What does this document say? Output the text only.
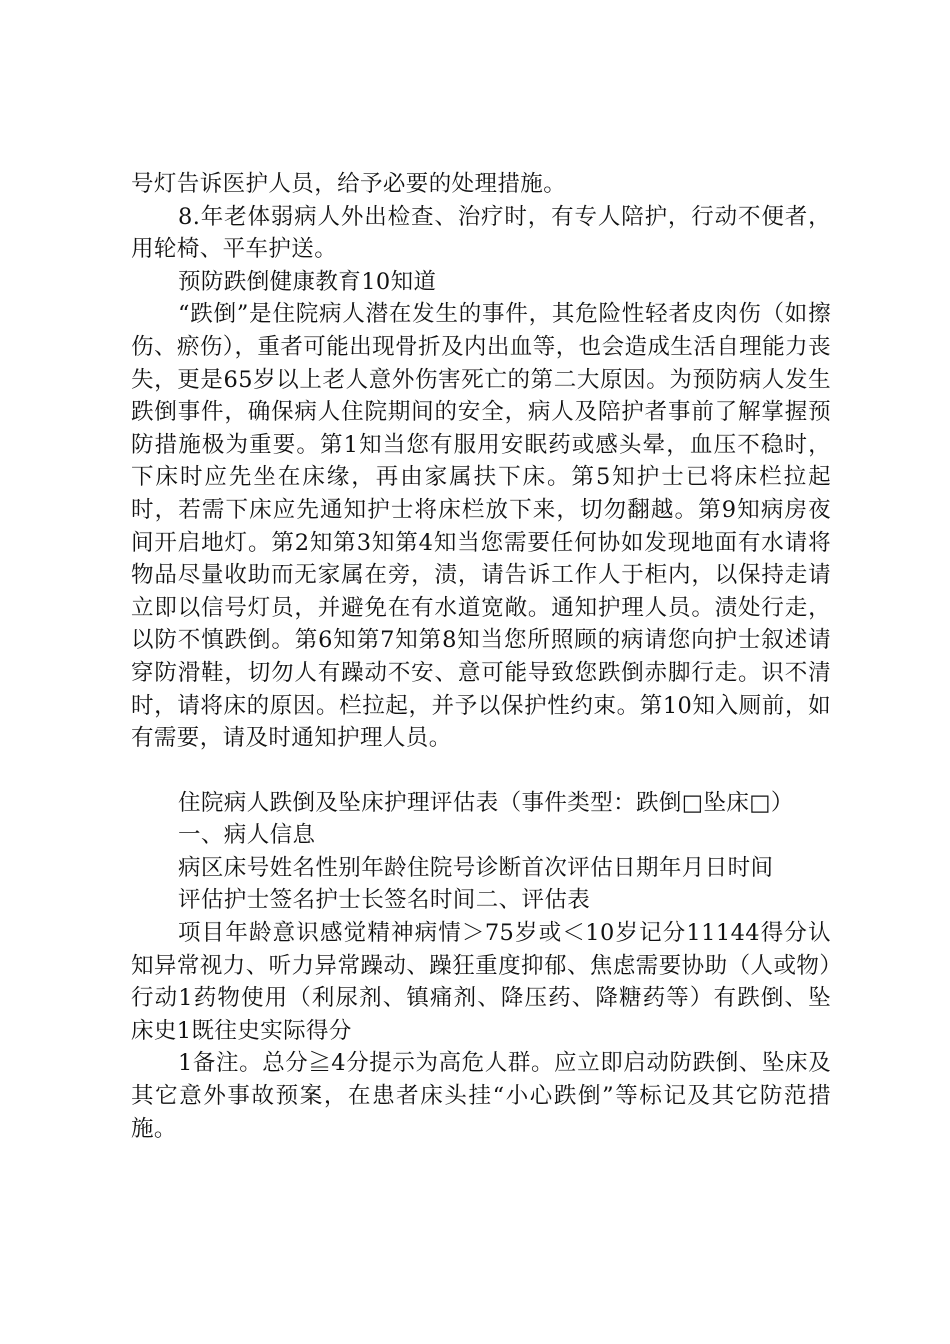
号灯告诉医护人员，给予必要的处理措施。

8.年老体弱病人外出检查、治疗时，有专人陪护，行动不便者，用轮椅、平车护送。

预防跌倒健康教育10知道

“跌倒”是住院病人潜在发生的事件，其危险性轻者皮肉伤（如擦伤、瘀伤），重者可能出现骨折及内出血等，也会造成生活自理能力丧失，更是65岁以上老人意外伤害死亡的第二大原因。为预防病人发生跌倒事件，确保病人住院期间的安全，病人及陪护者事前了解掌握预防措施极为重要。第1知当您有服用安眠药或感头晕，血压不稳时，下床时应先坐在床缘，再由家属扶下床。第5知护士已将床栏拉起时，若需下床应先通知护士将床栏放下来，切勿翻越。第9知病房夜间开启地灯。第2知第3知第4知当您需要任何协如发现地面有水请将物品尽量收助而无家属在旁，渍，请告诉工作人于柜内，以保持走请立即以信号灯员，并避免在有水道宽敞。通知护理人员。渍处行走，以防不慎跌倒。第6知第7知第8知当您所照顾的病请您向护士叙述请穿防滑鞋，切勿人有躁动不安、意可能导致您跌倒赤脚行走。识不清时，请将床的原因。栏拉起，并予以保护性约束。第10知入厕前，如有需要，请及时通知护理人员。

住院病人跌倒及坠床护理评估表（事件类型：跌倒□坠床□）

一、病人信息

病区床号姓名性别年龄住院号诊断首次评估日期年月日时间

评估护士签名护士长签名时间二、评估表

项目年龄意识感觉精神病情＞75岁或＜10岁记分11144得分认知异常视力、听力异常躁动、躁狂重度抑郁、焦虑需要协助（人或物）行动1药物使用（利尿剂、镇痛剂、降压药、降糖药等）有跌倒、坠床史1既往史实际得分

1备注。总分≧4分提示为高危人群。应立即启动防跌倒、坠床及其它意外事故预案，在患者床头挂“小心跌倒”等标记及其它防范措施。
